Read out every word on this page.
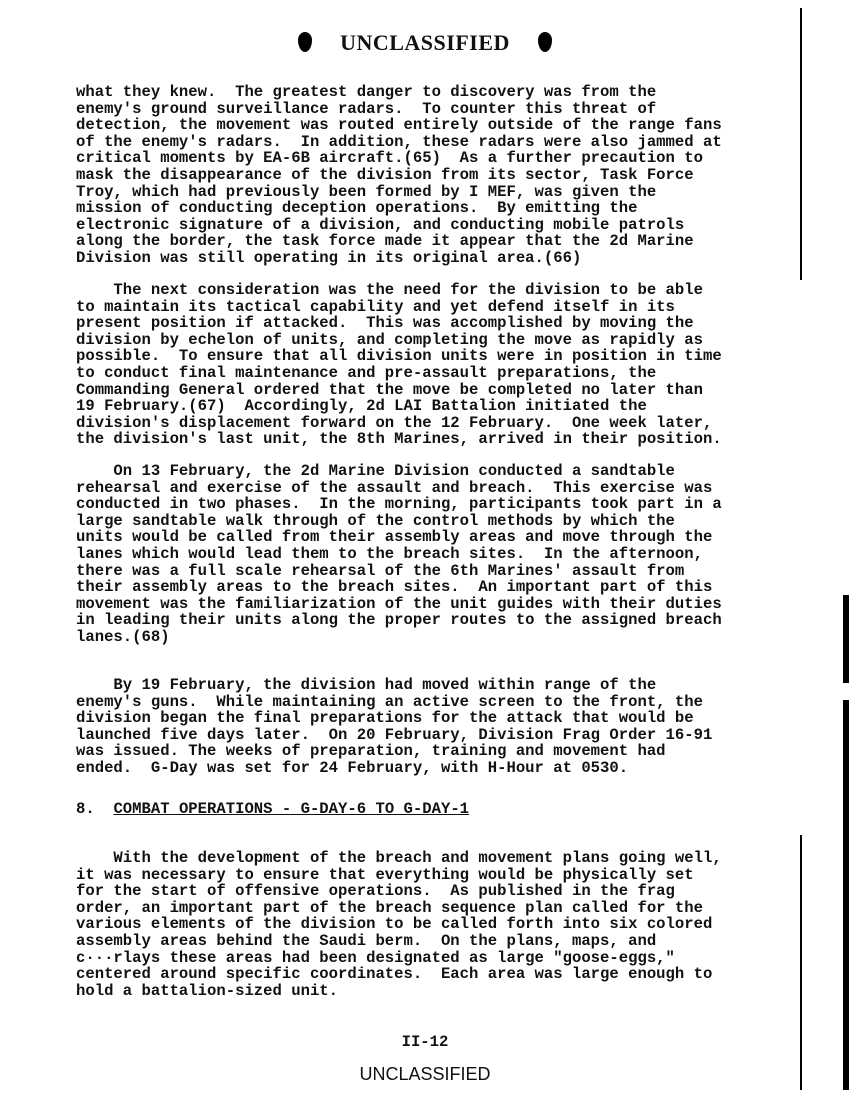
UNCLASSIFIED
what they knew.  The greatest danger to discovery was from the
enemy's ground surveillance radars.  To counter this threat of
detection, the movement was routed entirely outside of the range fans
of the enemy's radars.  In addition, these radars were also jammed at
critical moments by EA-6B aircraft.(65)  As a further precaution to
mask the disappearance of the division from its sector, Task Force
Troy, which had previously been formed by I MEF, was given the
mission of conducting deception operations.  By emitting the
electronic signature of a division, and conducting mobile patrols
along the border, the task force made it appear that the 2d Marine
Division was still operating in its original area.(66)
The next consideration was the need for the division to be able
to maintain its tactical capability and yet defend itself in its
present position if attacked.  This was accomplished by moving the
division by echelon of units, and completing the move as rapidly as
possible.  To ensure that all division units were in position in time
to conduct final maintenance and pre-assault preparations, the
Commanding General ordered that the move be completed no later than
19 February.(67)  Accordingly, 2d LAI Battalion initiated the
division's displacement forward on the 12 February.  One week later,
the division's last unit, the 8th Marines, arrived in their position.
On 13 February, the 2d Marine Division conducted a sandtable
rehearsal and exercise of the assault and breach.  This exercise was
conducted in two phases.  In the morning, participants took part in a
large sandtable walk through of the control methods by which the
units would be called from their assembly areas and move through the
lanes which would lead them to the breach sites.  In the afternoon,
there was a full scale rehearsal of the 6th Marines' assault from
their assembly areas to the breach sites.  An important part of this
movement was the familiarization of the unit guides with their duties
in leading their units along the proper routes to the assigned breach
lanes.(68)
By 19 February, the division had moved within range of the
enemy's guns.  While maintaining an active screen to the front, the
division began the final preparations for the attack that would be
launched five days later.  On 20 February, Division Frag Order 16-91
was issued. The weeks of preparation, training and movement had
ended.  G-Day was set for 24 February, with H-Hour at 0530.
8. COMBAT OPERATIONS - G-DAY-6 TO G-DAY-1
With the development of the breach and movement plans going well,
it was necessary to ensure that everything would be physically set
for the start of offensive operations.  As published in the frag
order, an important part of the breach sequence plan called for the
various elements of the division to be called forth into six colored
assembly areas behind the Saudi berm.  On the plans, maps, and
c···rlays these areas had been designated as large "goose-eggs,"
centered around specific coordinates.  Each area was large enough to
hold a battalion-sized unit.
II-12
UNCLASSIFIED
